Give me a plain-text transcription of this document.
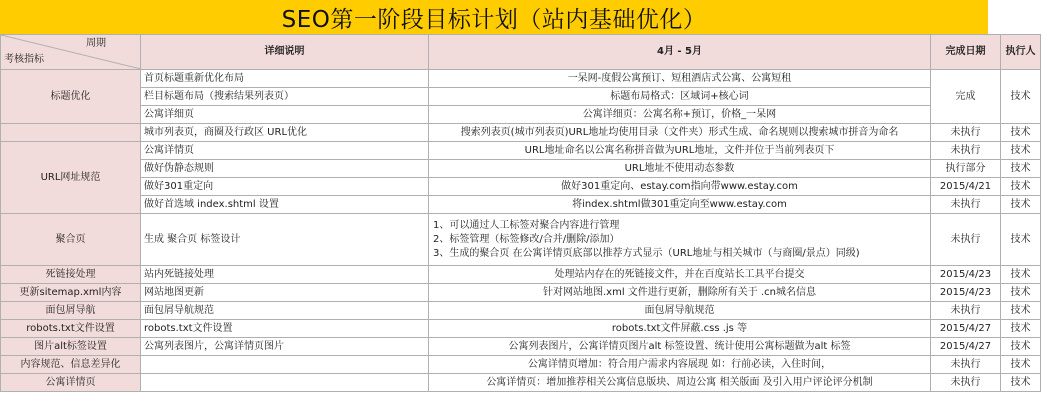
SEO第一阶段目标计划（站内基础优化）
周期
考核指标	详细说明	4月 - 5月	完成日期	执行人
标题优化	首页标题重新优化布局	一呆网-度假公寓预订、短租酒店式公寓、公寓短租	完成	技术
	栏目标题布局（搜索结果列表页）	标题布局格式：区域词+核心词		
	公寓详细页	公寓详细页：公寓名称+预订，价格_一呆网		
	城市列表页，商圈及行政区 URL优化	搜索列表页(城市列表页)URL地址均使用目录（文件夹）形式生成、命名规则以搜索城市拼音为命名	未执行	技术
URL网址规范	公寓详情页	URL地址命名以公寓名称拼音做为URL地址，文件并位于当前列表页下	未执行	技术
	做好伪静态规则	URL地址不使用动态参数	执行部分	技术
	做好301重定向	做好301重定向、estay.com指向带www.estay.com	2015/4/21	技术
	做好首选域 index.shtml 设置	将index.shtml做301重定向至www.estay.com	未执行	技术
聚合页	生成 聚合页 标签设计	1、可以通过人工标签对聚合内容进行管理
2、标签管理（标签修改/合并/删除/添加）
3、生成的聚合页 在公寓详情页底部以推荐方式显示（URL地址与相关城市（与商圈/景点）同级)	未执行	技术
死链接处理	站内死链接处理	处理站内存在的死链接文件，并在百度站长工具平台提交	2015/4/23	技术
更新sitemap.xml内容	网站地图更新	针对网站地图.xml 文件进行更新，删除所有关于 .cn城名信息	2015/4/23	技术
面包屑导航	面包屑导航规范	面包屑导航规范	未执行	技术
robots.txt文件设置	robots.txt文件设置	robots.txt文件屏蔽.css .js 等	2015/4/27	技术
图片alt标签设置	公寓列表图片，公寓详情页图片	公寓列表图片，公寓详情页图片alt 标签设置、统计使用公寓标题做为alt 标签	2015/4/27	技术
内容规范、信息差异化		公寓详情页增加：符合用户需求内容展现 如：行前必读，入住时间，	未执行	技术
公寓详情页		公寓详情页：增加推荐相关公寓信息版块、周边公寓 相关版面 及引入用户评论评分机制	未执行	技术
